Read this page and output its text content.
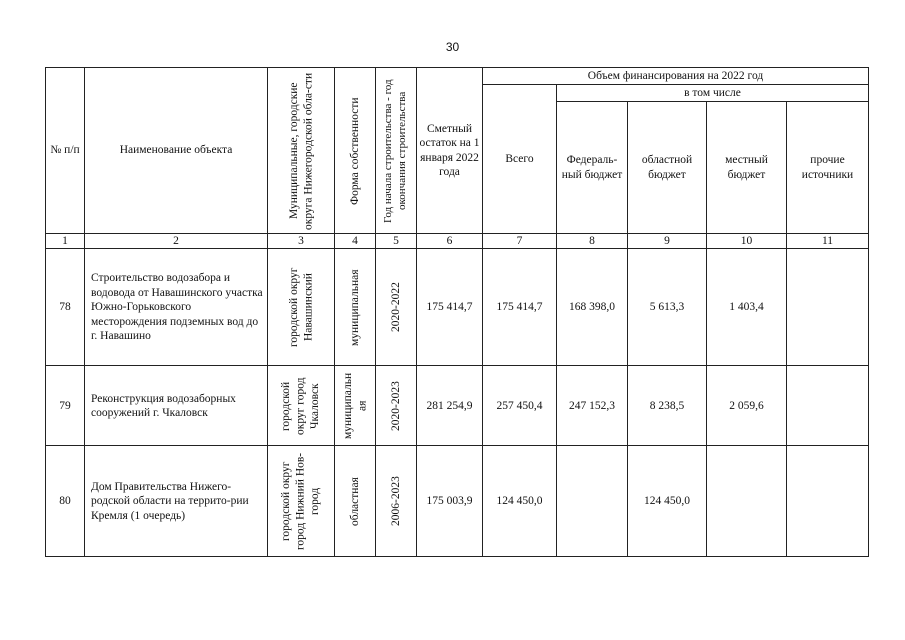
30
№ п/п	Наименование объекта	Муниципальные, городские округа Нижегородской обла-сти	Форма собственности	Год начала строительства - год окончания строительства	Сметный остаток на 1 января 2022 года	Объем финансирования на 2022 год				
						Всего	в том числе			
							Федераль-ный бюджет	областной бюджет	местный бюджет	прочие источники
1	2	3	4	5	6	7	8	9	10	11
78	Строительство водозабора и водовода от Навашинского участка Южно-Горьковского месторождения подземных вод до г. Навашино	городской округ Навашинский	муниципальная	2020-2022	175 414,7	175 414,7	168 398,0	5 613,3	1 403,4	
79	Реконструкция водозаборных сооружений г. Чкаловск	городской округ город Чкаловск	муниципальн ая	2020-2023	281 254,9	257 450,4	247 152,3	8 238,5	2 059,6	
80	Дом Правительства Нижего-родской области на террито-рии Кремля (1 очередь)	городской округ город Нижний Нов-город	областная	2006-2023	175 003,9	124 450,0		124 450,0		
